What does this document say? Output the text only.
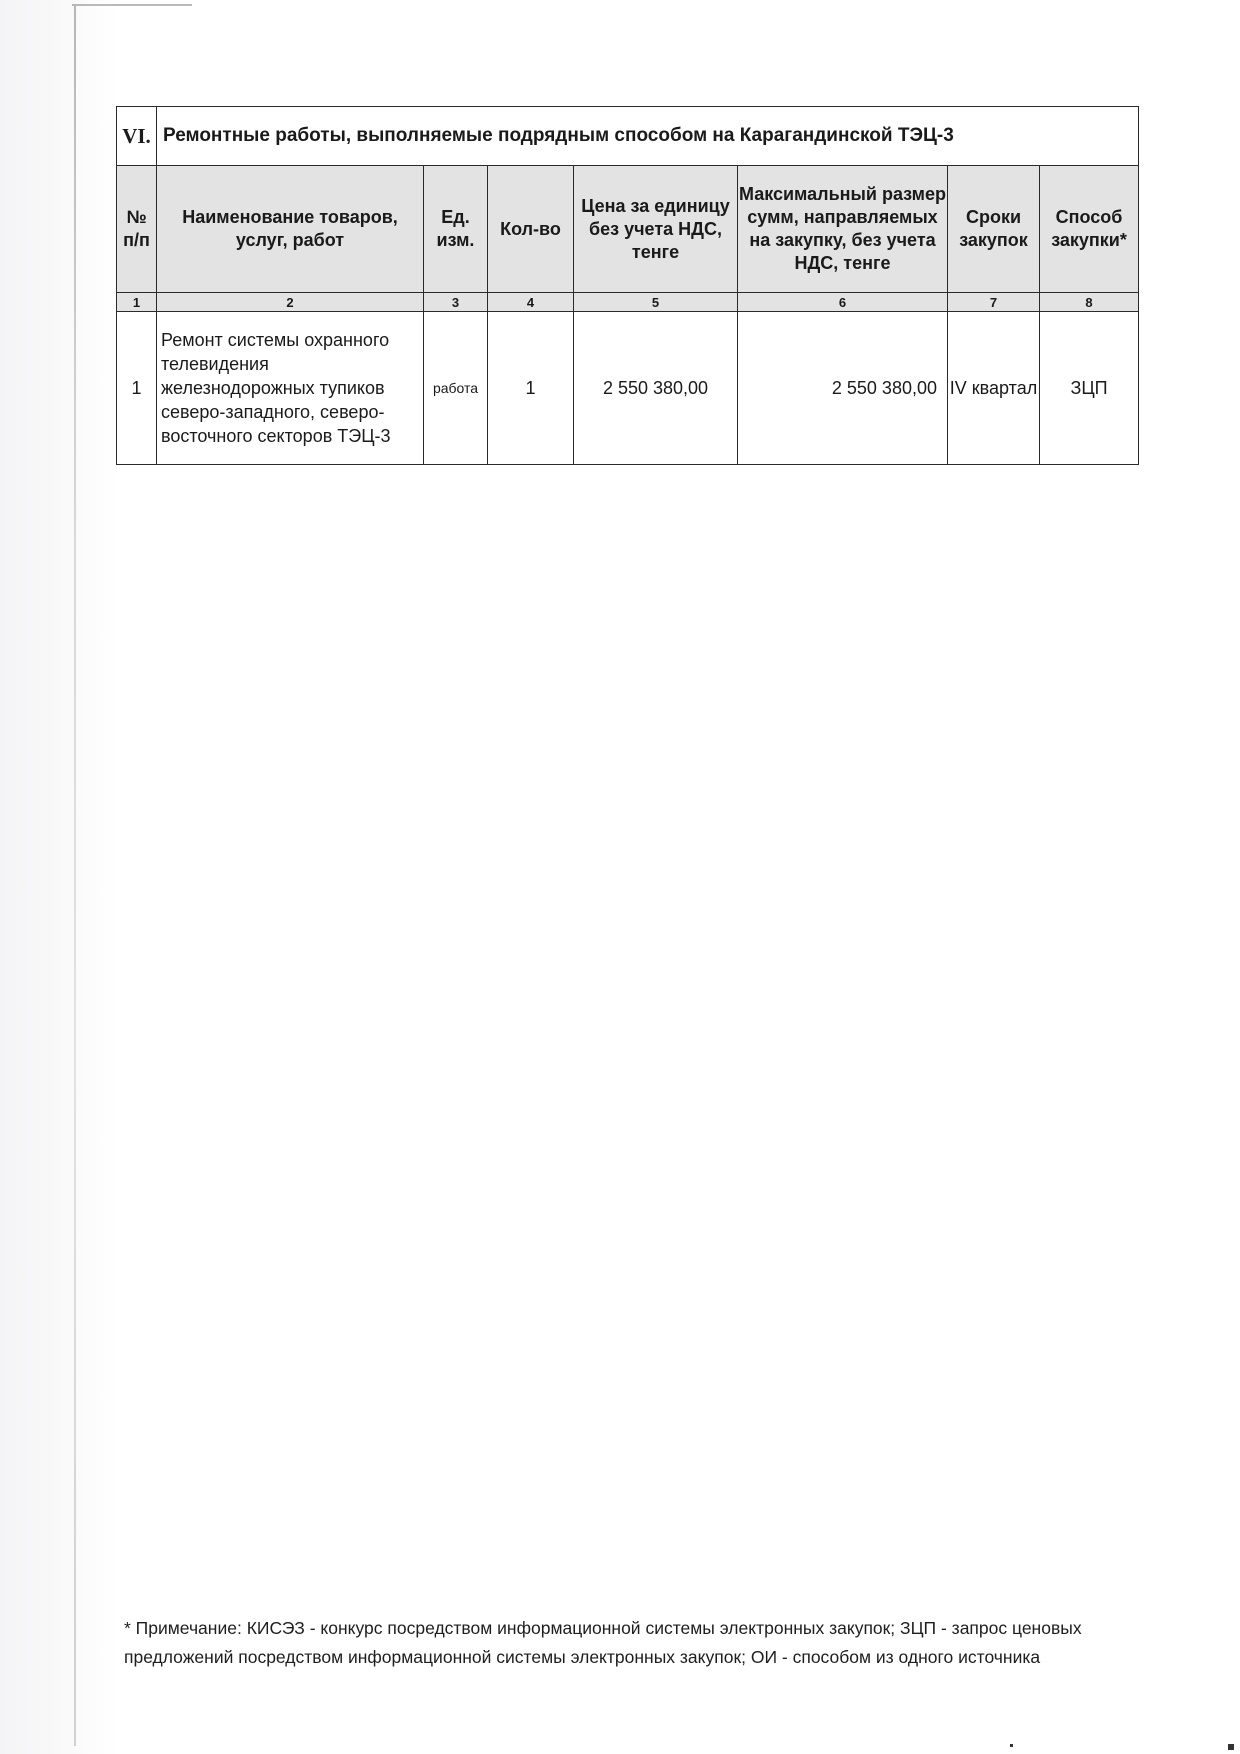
VI.	Ремонтные работы, выполняемые подрядным способом на Карагандинской ТЭЦ-3						
№ п/п	Наименование товаров, услуг, работ	Ед. изм.	Кол-во	Цена за единицу без учета НДС, тенге	Максимальный размер сумм, направляемых на закупку, без учета НДС, тенге	Сроки закупок	Способ закупки*
1	2	3	4	5	6	7	8
1	Ремонт системы охранного телевидения железнодорожных тупиков северо-западного, северо-восточного секторов ТЭЦ-3	работа	1	2 550 380,00	2 550 380,00	IV квартал	ЗЦП
* Примечание: КИСЭЗ - конкурс посредством информационной системы электронных закупок; ЗЦП - запрос ценовых предложений посредством информационной системы электронных закупок; ОИ - способом из одного источника
